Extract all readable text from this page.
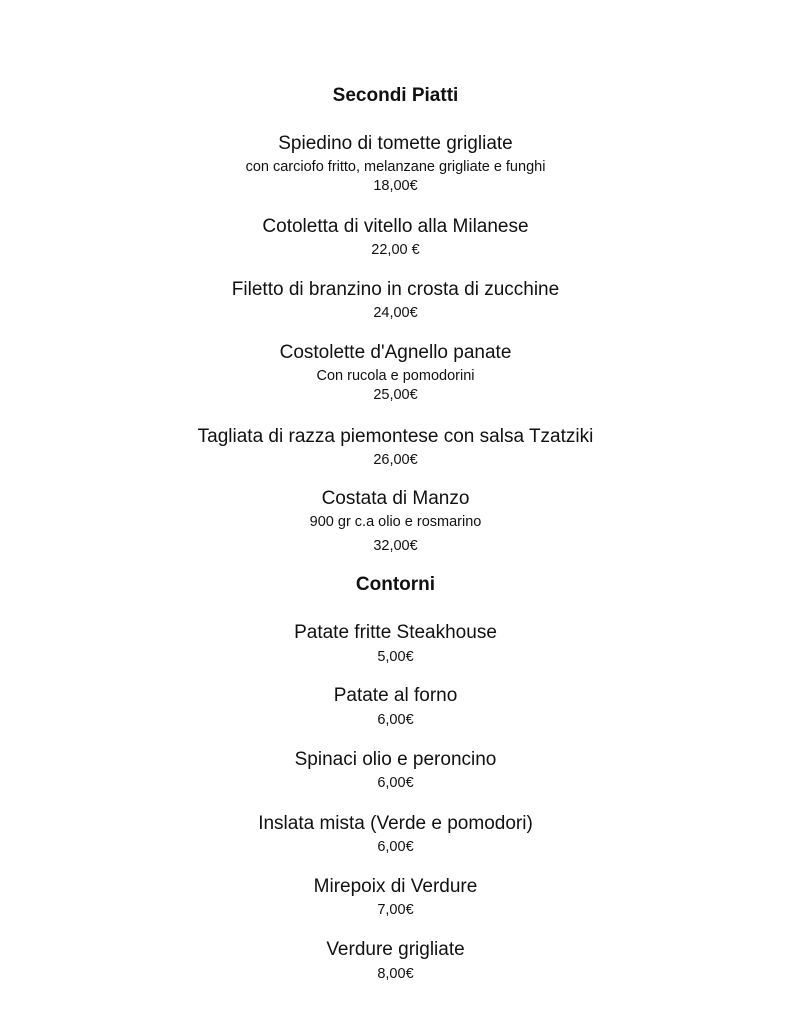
Secondi Piatti
Spiedino di tomette grigliate
con carciofo fritto, melanzane grigliate e funghi
18,00€
Cotoletta di vitello alla Milanese
22,00 €
Filetto di branzino in crosta di zucchine
24,00€
Costolette d'Agnello panate
Con rucola e pomodorini
25,00€
Tagliata di razza piemontese con salsa Tzatziki
26,00€
Costata di Manzo
900 gr c.a olio e rosmarino
32,00€
Contorni
Patate fritte Steakhouse
5,00€
Patate al forno
6,00€
Spinaci olio e peroncino
6,00€
Inslata mista (Verde e pomodori)
6,00€
Mirepoix di Verdure
7,00€
Verdure grigliate
8,00€
